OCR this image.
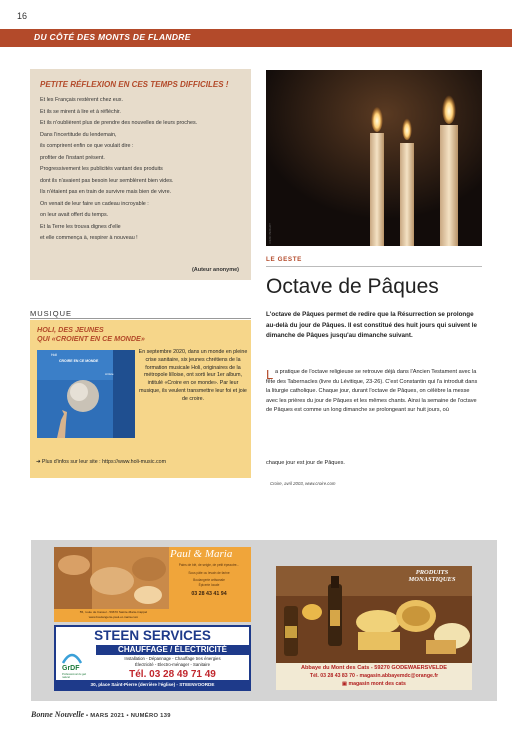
16
DU CÔTÉ DES MONTS DE FLANDRE
PETITE RÉFLEXION EN CES TEMPS DIFFICILES !
Et les Français restèrent chez eux.
Et ils se mirent à lire et à réfléchir.
Et ils n'oublièrent plus de prendre des nouvelles de leurs proches.
Dans l'incertitude du lendemain,
ils comprirent enfin ce que voulait dire :
profiter de l'instant présent.
Progressivement les publicités vantant des produits
dont ils n'avaient pas besoin leur semblèrent bien vides.
Ils n'étaient pas en train de survivre mais bien de vivre.
On venait de leur faire un cadeau incroyable :
on leur avait offert du temps.
Et la Terre les trouva dignes d'elle
et elle commença à, respirer à nouveau !
(Auteur anonyme)
CIRIC BRIGOT
MUSIQUE
HOLI, DES JEUNES
QUI «CROIENT EN CE MONDE»
CROIRE EN CE MONDE
Holi
Artiste
En septembre 2020, dans un monde en pleine crise sanitaire, six jeunes chrétiens de la formation musicale Holi, originaires de la métropole lilloise, ont sorti leur 1er album, intitulé «Croire en ce monde». Par leur musique, ils veulent transmettre leur foi et joie de croire.
➜ Plus d'infos sur leur site : https://www.holi-music.com
LE GESTE
Octave de Pâques
L'octave de Pâques permet de redire que la Résurrection se prolonge au-delà du jour de Pâques. Il est constitué des huit jours qui suivent le dimanche de Pâques jusqu'au dimanche suivant.
L a pratique de l'octave religieuse se retrouve déjà dans l'Ancien Testament avec la fête des Tabernacles (livre du Lévitique, 23-26). C'est Constantin qui l'a introduit dans la liturgie catholique. Chaque jour, durant l'octave de Pâques, on célèbre la messe avec les prières du jour de Pâques et les mêmes chants. Ainsi la semaine de l'octave de Pâques est comme un long dimanche se prolongeant sur huit jours, où
chaque jour est jour de Pâques.
Croire, avril 2003, www.croire.com
Paul & Maria
Pains de blé, de seigle, de petit épeautre...
Sous pâte ou levain de farine
Boulangerie artisanale
Épicerie locale
03 28 43 41 94
55, route de Cassel - 59670 Sainte-Marie-Cappel
www.boulangerie-paul-et-maria.com
STEEN SERVICES
CHAUFFAGE / ÉLECTRICITÉ
GrDF
Professionnel du gaz naturel
Installation - Dépannage - Chauffage tres énergies
Électricité - Electro-ménager - Sanitaire
Tél. 03 28 49 71 49
30, place Saint-Pierre (derrière l'église) - STEENVOORDE
PRODUITS
MONASTIQUES
Abbaye du Mont des Cats - 59270 GODEWAERSVELDE
Tél. 03 28 43 83 70 - magasin.abbayemdc@orange.fr
▣ magasin mont des cats
Bonne Nouvelle • MARS 2021 • NUMÉRO 139
